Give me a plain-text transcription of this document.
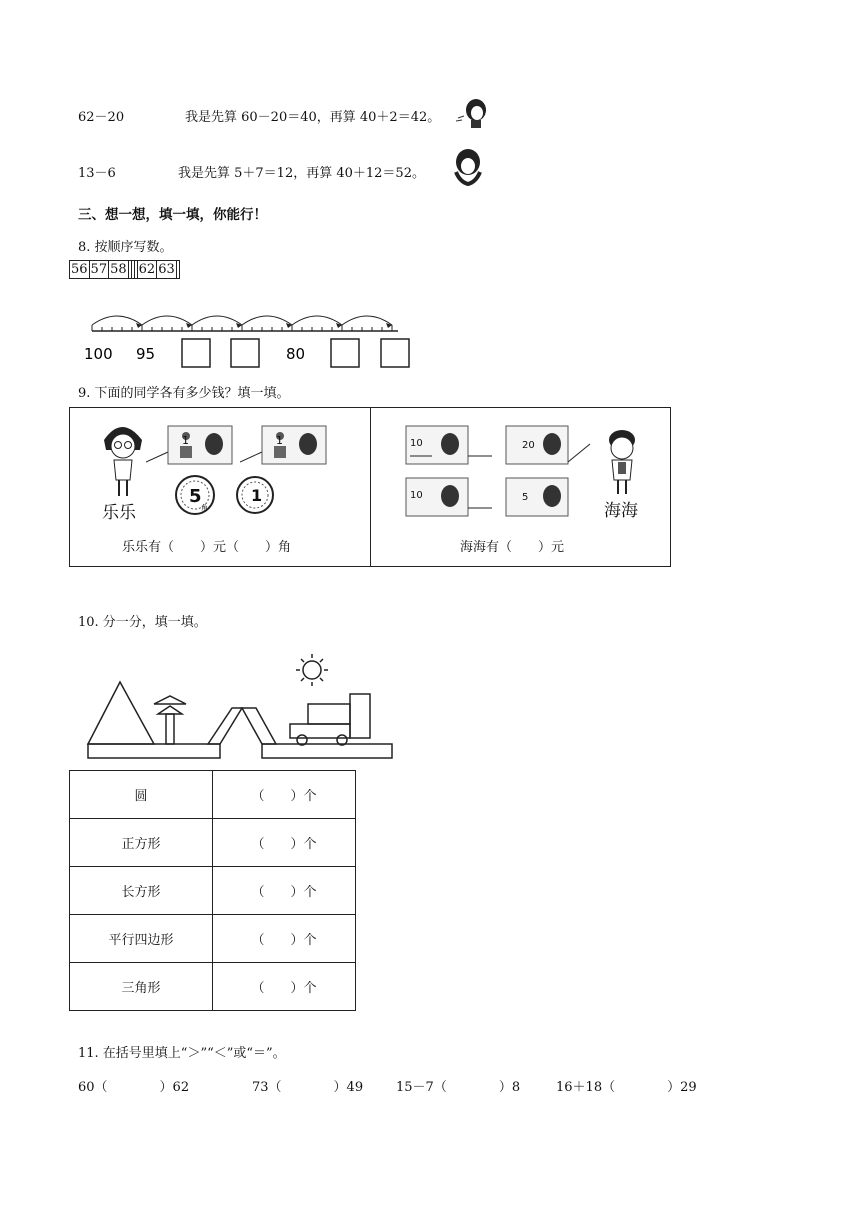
62－20	我是先算 60－20＝40，再算 40＋2＝42。
13－6	我是先算 5＋7＝12，再算 40＋12＝52。
三、想一想，填一填，你能行！
8. 按顺序写数。
56	57	58				62	63	
100 95	80
9. 下面的同学各有多少钱？填一填。
乐乐
1	1
5
角
1
乐乐有（　　）元（　　）角
10	20
10	5
海海
海海有（　　）元
10. 分一分，填一填。
圆	（　　）个
正方形	（　　）个
长方形	（　　）个
平行四边形	（　　）个
三角形	（　　）个
11. 在括号里填上“＞”“＜”或“＝”。
60（　　　　）62	73（　　　　）49	15－7（　　　　）8	16＋18（　　　　）29
